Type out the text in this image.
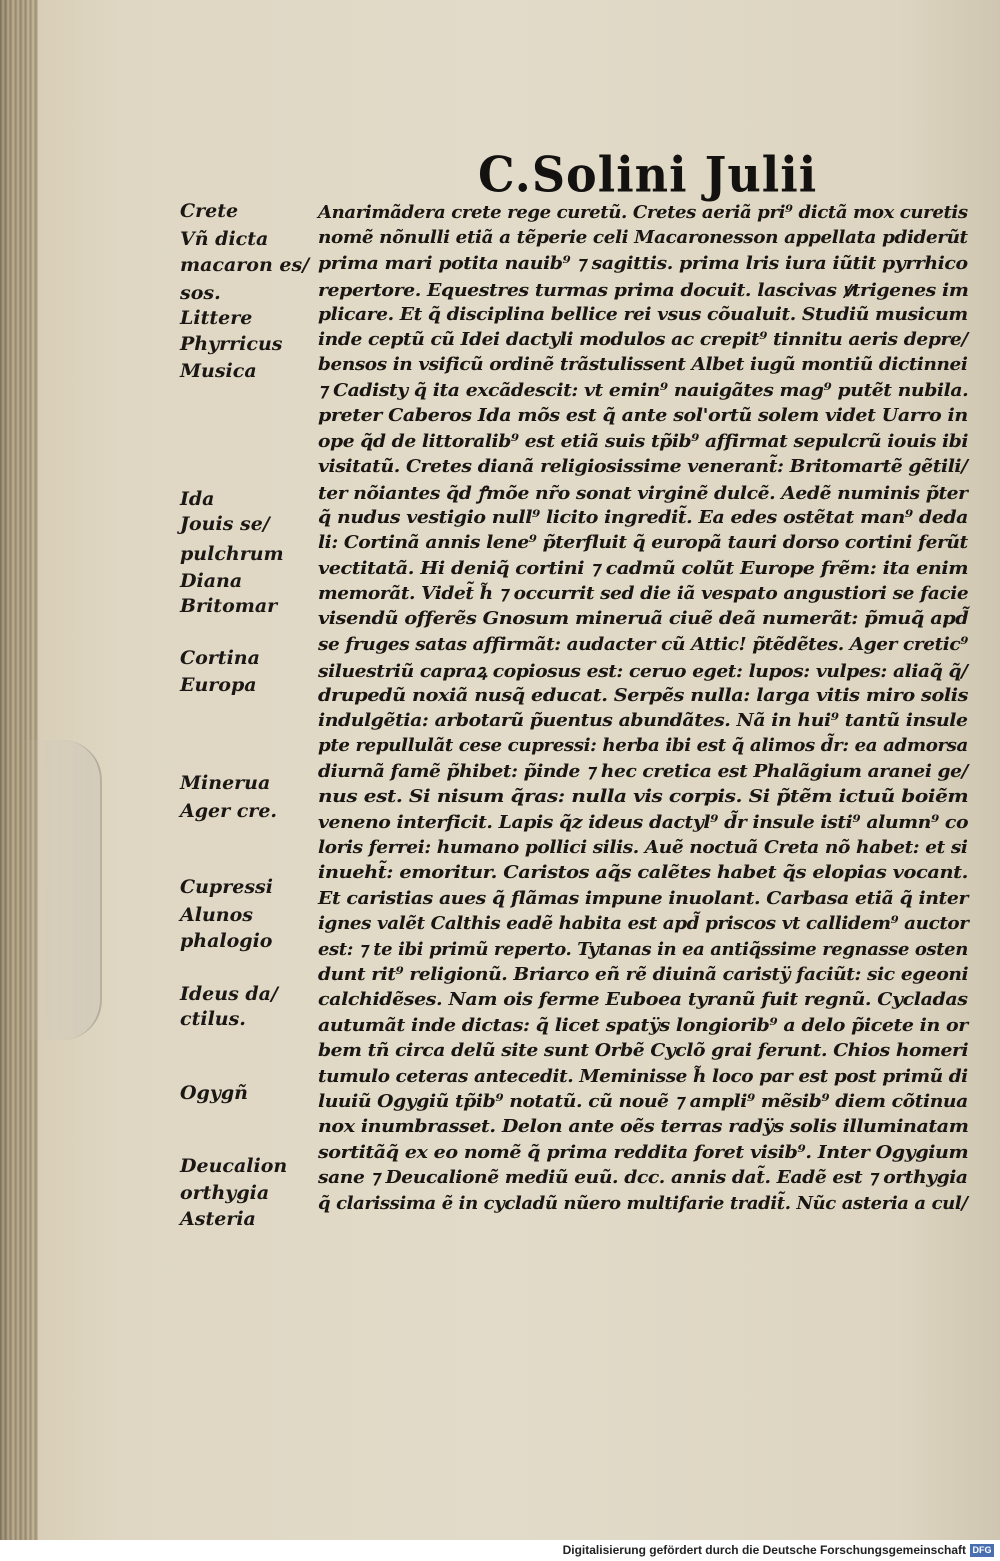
C.Solini Julii
Crete
Vñ dicta
macaron es/
sos.
Littere
Phyrricus
Musica
Ida
Jouis se/
pulchrum
Diana
Britomar
Cortina
Europa
Minerua
Ager cre.
Cupressi
Alunos
phalogio
Ideus da/
ctilus.
Ogygñ
Deucalion
orthygia
Asteria
Anarimãdera crete rege curetũ. Cretes aeriã pri⁹ dictã mox curetis
nomẽ nõnulli etiã a tẽperie celi Macaronesson appellata pdiderũt
prima mari potita nauib⁹ ⁊ sagittis. prima lris iura iũtit pyrrhico
repertore. Equestres turmas prima docuit. lascivas ꝟtrigenes im
plicare. Et q̃ disciplina bellice rei vsus cõualuit. Studiũ musicum
inde ceptũ cũ Idei dactyli modulos ac crepit⁹ tinnitu aeris depre/
bensos in vsificũ ordinẽ trãstulissent Albet iugũ montiũ dictinnei
⁊ Cadisty q̃ ita excãdescit: vt emin⁹ nauigãtes mag⁹ putẽt nubila.
preter Caberos Ida mõs est q̃ ante sol'ortũ solem videt Uarro in
ope q̃d de littoralib⁹ est etiã suis tp̃ib⁹ affirmat sepulcrũ iouis ibi
visitatũ. Cretes dianã religiosissime venerant̃: Britomartẽ gẽtili/
ter nõiantes q̃d ꝭmõe nr̃o sonat virginẽ dulcẽ. Aedẽ numinis p̃ter
q̃ nudus vestigio null⁹ licito ingredit̃. Ea edes ostẽtat man⁹ deda
li: Cortinã annis lene⁹ p̃terfluit q̃ europã tauri dorso cortini ferũt
vectitatã. Hi deniq̃ cortini ⁊ cadmũ colũt Europe frẽm: ita enim
memorãt. Videt̃ h̃ ⁊ occurrit sed die iã vespato angustiori se facie
visendũ offerẽs Gnosum mineruã ciuẽ deã numerãt: p̃muq̃ apd̃
se fruges satas affirmãt: audacter cũ Attic! p̃tẽdẽtes. Ager cretic⁹
siluestriũ capraꝝ copiosus est: ceruo eget: lupos: vulpes: aliaq̃ q̃/
drupedũ noxiã nusq̃ educat. Serpẽs nulla: larga vitis miro solis
indulgẽtia: arbotarũ p̃uentus abundãtes. Nã in hui⁹ tantũ insule
pte repullulãt cese cupressi: herba ibi est q̃ alimos d̃r: ea admorsa
diurnã famẽ p̃hibet: p̃inde ⁊ hec cretica est Phalãgium aranei ge/
nus est. Si nisum q̃ras: nulla vis corpis. Si p̃tẽm ictuũ boiẽm
veneno interficit. Lapis q̃z ideus dactyl⁹ d̃r insule isti⁹ alumn⁹ co
loris ferrei: humano pollici silis. Auẽ noctuã Creta nõ habet: et si
inueht̃: emoritur. Caristos aq̃s calẽtes habet q̃s elopias vocant.
Et caristias aues q̃ flãmas impune inuolant. Carbasa etiã q̃ inter
ignes valẽt Calthis eadẽ habita est apd̃ priscos vt callidem⁹ auctor
est: ⁊ te ibi primũ reperto. Tytanas in ea antiq̃ssime regnasse osten
dunt rit⁹ religionũ. Briarco eñ rẽ diuinã caristÿ faciũt: sic egeoni
calchidẽses. Nam ois ferme Euboea tyranũ fuit regnũ. Cycladas
autumãt inde dictas: q̃ licet spatÿs longiorib⁹ a delo p̃icete in or
bem tñ circa delũ site sunt Orbẽ Cyclõ grai ferunt. Chios homeri
tumulo ceteras antecedit. Meminisse h̃ loco par est post primũ di
luuiũ Ogygiũ tp̃ib⁹ notatũ. cũ nouẽ ⁊ ampli⁹ mẽsib⁹ diem cõtinua
nox inumbrasset. Delon ante oẽs terras radÿs solis illuminatam
sortitãq̃ ex eo nomẽ q̃ prima reddita foret visib⁹. Inter Ogygium
sane ⁊ Deucalionẽ mediũ euũ. dcc. annis dat̃. Eadẽ est ⁊ orthygia
q̃ clarissima ẽ in cycladũ nũero multifarie tradit̃. Nũc asteria a cul/
Digitalisierung gefördert durch die Deutsche Forschungsgemeinschaft DFG
